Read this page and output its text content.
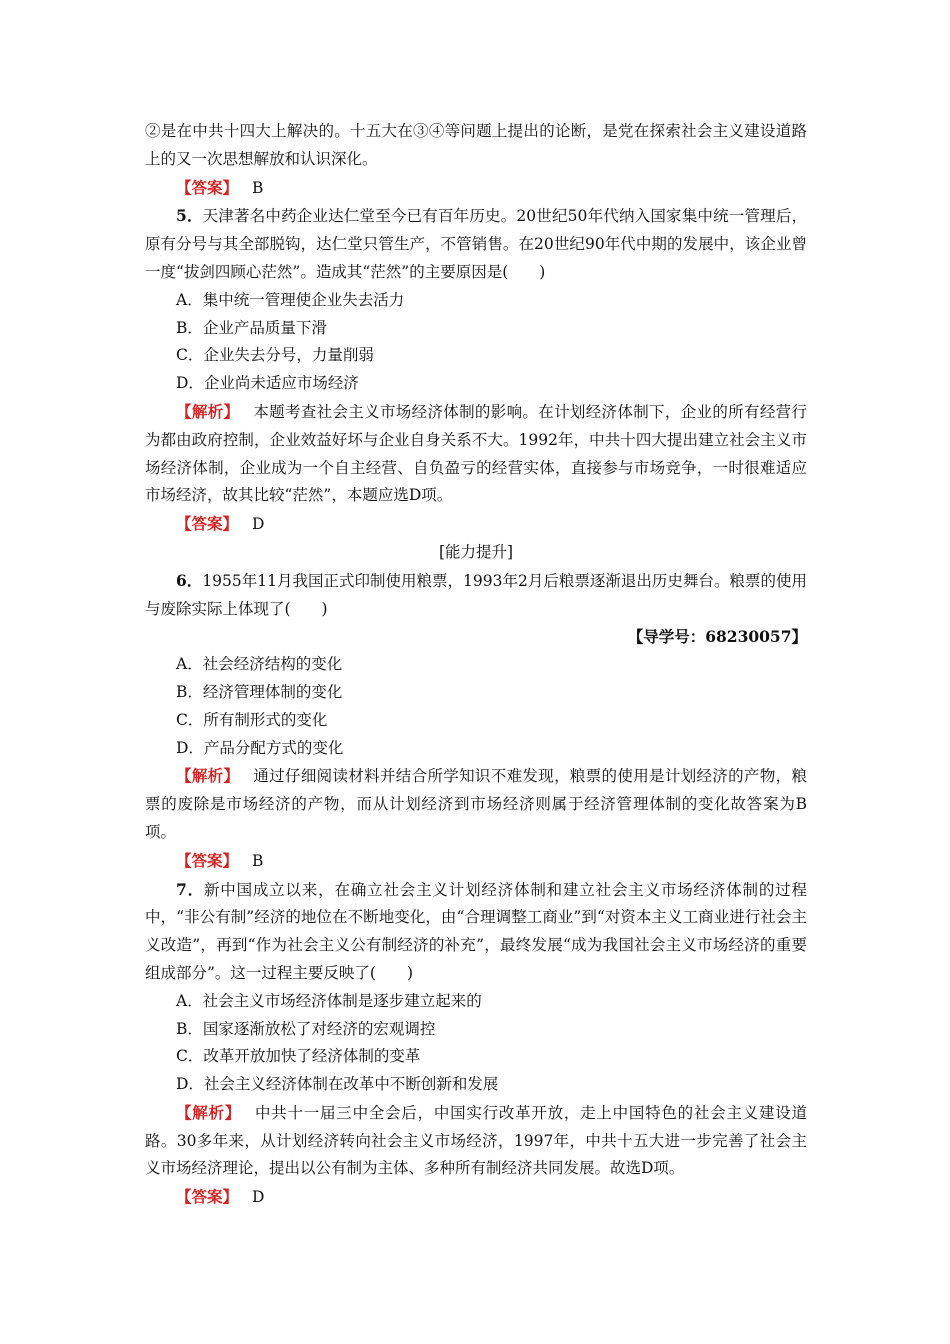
②是在中共十四大上解决的。十五大在③④等问题上提出的论断，是党在探索社会主义建设道路上的又一次思想解放和认识深化。

【答案】 B

5．天津著名中药企业达仁堂至今已有百年历史。20世纪50年代纳入国家集中统一管理后，原有分号与其全部脱钩，达仁堂只管生产，不管销售。在20世纪90年代中期的发展中，该企业曾一度“拔剑四顾心茫然”。造成其“茫然”的主要原因是(　　)

A．集中统一管理使企业失去活力

B．企业产品质量下滑

C．企业失去分号，力量削弱

D．企业尚未适应市场经济

【解析】 本题考查社会主义市场经济体制的影响。在计划经济体制下，企业的所有经营行为都由政府控制，企业效益好坏与企业自身关系不大。1992年，中共十四大提出建立社会主义市场经济体制，企业成为一个自主经营、自负盈亏的经营实体，直接参与市场竞争，一时很难适应市场经济，故其比较“茫然”，本题应选D项。

【答案】 D

[能力提升]

6．1955年11月我国正式印制使用粮票，1993年2月后粮票逐渐退出历史舞台。粮票的使用与废除实际上体现了(　　)

【导学号：68230057】

A．社会经济结构的变化

B．经济管理体制的变化

C．所有制形式的变化

D．产品分配方式的变化

【解析】 通过仔细阅读材料并结合所学知识不难发现，粮票的使用是计划经济的产物，粮票的废除是市场经济的产物，而从计划经济到市场经济则属于经济管理体制的变化故答案为B项。

【答案】 B

7．新中国成立以来，在确立社会主义计划经济体制和建立社会主义市场经济体制的过程中，“非公有制”经济的地位在不断地变化，由“合理调整工商业”到“对资本主义工商业进行社会主义改造”，再到“作为社会主义公有制经济的补充”，最终发展“成为我国社会主义市场经济的重要组成部分”。这一过程主要反映了(　　)

A．社会主义市场经济体制是逐步建立起来的

B．国家逐渐放松了对经济的宏观调控

C．改革开放加快了经济体制的变革

D．社会主义经济体制在改革中不断创新和发展

【解析】 中共十一届三中全会后，中国实行改革开放，走上中国特色的社会主义建设道路。30多年来，从计划经济转向社会主义市场经济，1997年，中共十五大进一步完善了社会主义市场经济理论，提出以公有制为主体、多种所有制经济共同发展。故选D项。

【答案】 D
